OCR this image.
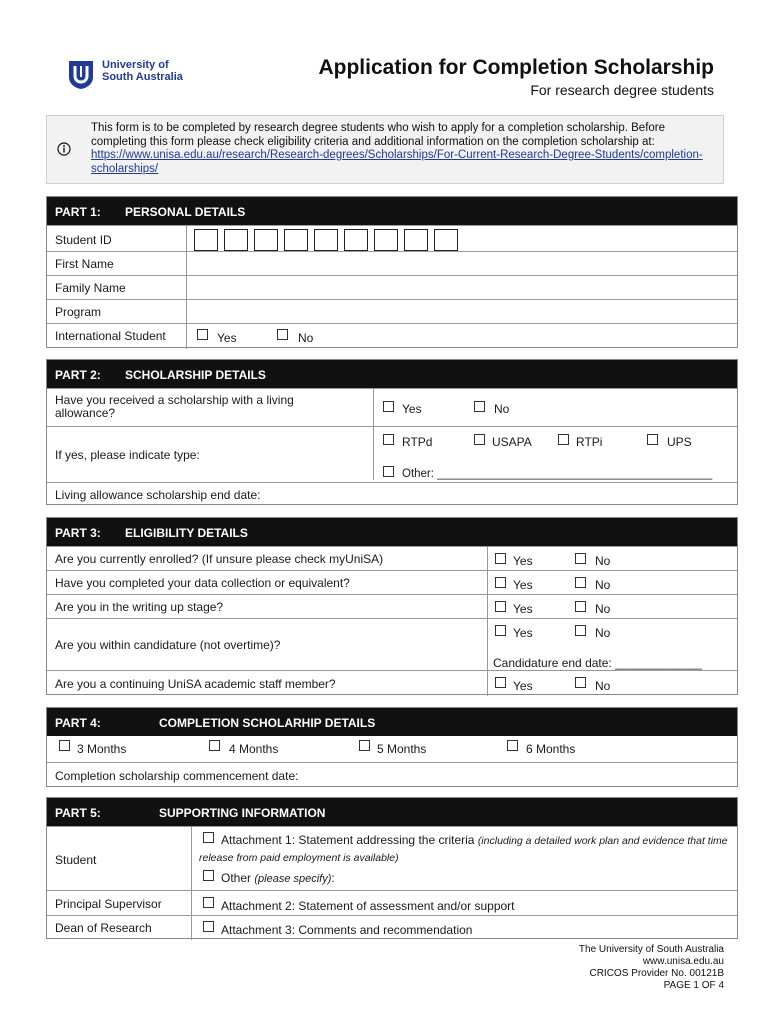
University of
South Australia	Application for Completion Scholarship
For research degree students
This form is to be completed by research degree students who wish to apply for a completion scholarship. Before completing this form please check eligibility criteria and additional information on the completion scholarship at: https://www.unisa.edu.au/research/Research-degrees/Scholarships/For-Current-Research-Degree-Students/completion-scholarships/
PART 1: PERSONAL DETAILS
Student ID
First Name
Family Name
Program
International Student	Yes	No
PART 2: SCHOLARSHIP DETAILS
Have you received a scholarship with a living allowance?	Yes	No
If yes, please indicate type:
RTPd	USAPA	RTPi	UPS
Other: ___________________________________________
Living allowance scholarship end date:
PART 3: ELIGIBILITY DETAILS
Are you currently enrolled? (If unsure please check myUniSA)	Yes	No
Have you completed your data collection or equivalent?	Yes	No
Are you in the writing up stage?	Yes	No
Are you within candidature (not overtime)?
Yes	No
Candidature end date: _____________
Are you a continuing UniSA academic staff member?	Yes	No
PART 4:	COMPLETION SCHOLARHIP DETAILS
3 Months	4 Months	5 Months	6 Months
Completion scholarship commencement date:
PART 5:	SUPPORTING INFORMATION
Student
Attachment 1: Statement addressing the criteria (including a detailed work plan and evidence that time release from paid employment is available)
Other (please specify):
Principal Supervisor	Attachment 2: Statement of assessment and/or support
Dean of Research	Attachment 3: Comments and recommendation
The University of South Australia
www.unisa.edu.au
CRICOS Provider No. 00121B
PAGE 1 OF 4
